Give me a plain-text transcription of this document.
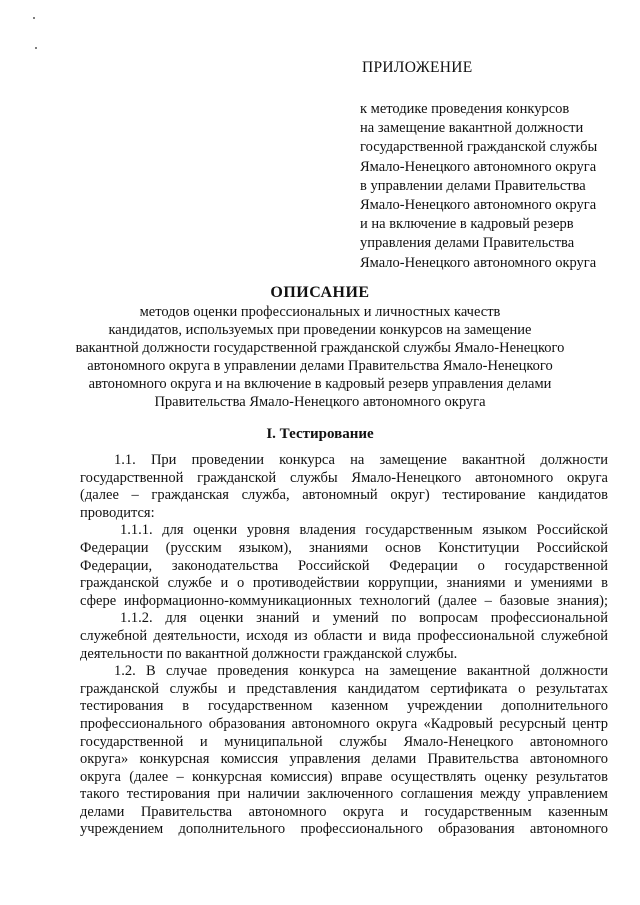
ПРИЛОЖЕНИЕ
к методике проведения конкурсов
на замещение вакантной должности
государственной гражданской службы
Ямало-Ненецкого автономного округа
в управлении делами Правительства
Ямало-Ненецкого автономного округа
и на включение в кадровый резерв
управления делами Правительства
Ямало-Ненецкого автономного округа
ОПИСАНИЕ
методов оценки профессиональных и личностных качеств
кандидатов, используемых при проведении конкурсов на замещение
вакантной должности государственной гражданской службы Ямало-Ненецкого
автономного округа в управлении делами Правительства Ямало-Ненецкого
автономного округа и на включение в кадровый резерв управления делами
Правительства Ямало-Ненецкого автономного округа
I. Тестирование
1.1. При проведении конкурса на замещение вакантной должности
государственной гражданской службы Ямало-Ненецкого автономного округа
(далее – гражданская служба, автономный округ) тестирование кандидатов
проводится:
1.1.1. для оценки уровня владения государственным языком Российской
Федерации (русским языком), знаниями основ Конституции Российской
Федерации, законодательства Российской Федерации о государственной
гражданской службе и о противодействии коррупции, знаниями и умениями в
сфере информационно-коммуникационных технологий (далее – базовые знания);
1.1.2. для оценки знаний и умений по вопросам профессиональной
служебной деятельности, исходя из области и вида профессиональной служебной
деятельности по вакантной должности гражданской службы.
1.2. В случае проведения конкурса на замещение вакантной должности
гражданской службы и представления кандидатом сертификата о результатах
тестирования в государственном казенном учреждении дополнительного
профессионального образования автономного округа «Кадровый ресурсный центр
государственной и муниципальной службы Ямало-Ненецкого автономного
округа» конкурсная комиссия управления делами Правительства автономного
округа (далее – конкурсная комиссия) вправе осуществлять оценку результатов
такого тестирования при наличии заключенного соглашения между управлением
делами Правительства автономного округа и государственным казенным
учреждением дополнительного профессионального образования автономного
